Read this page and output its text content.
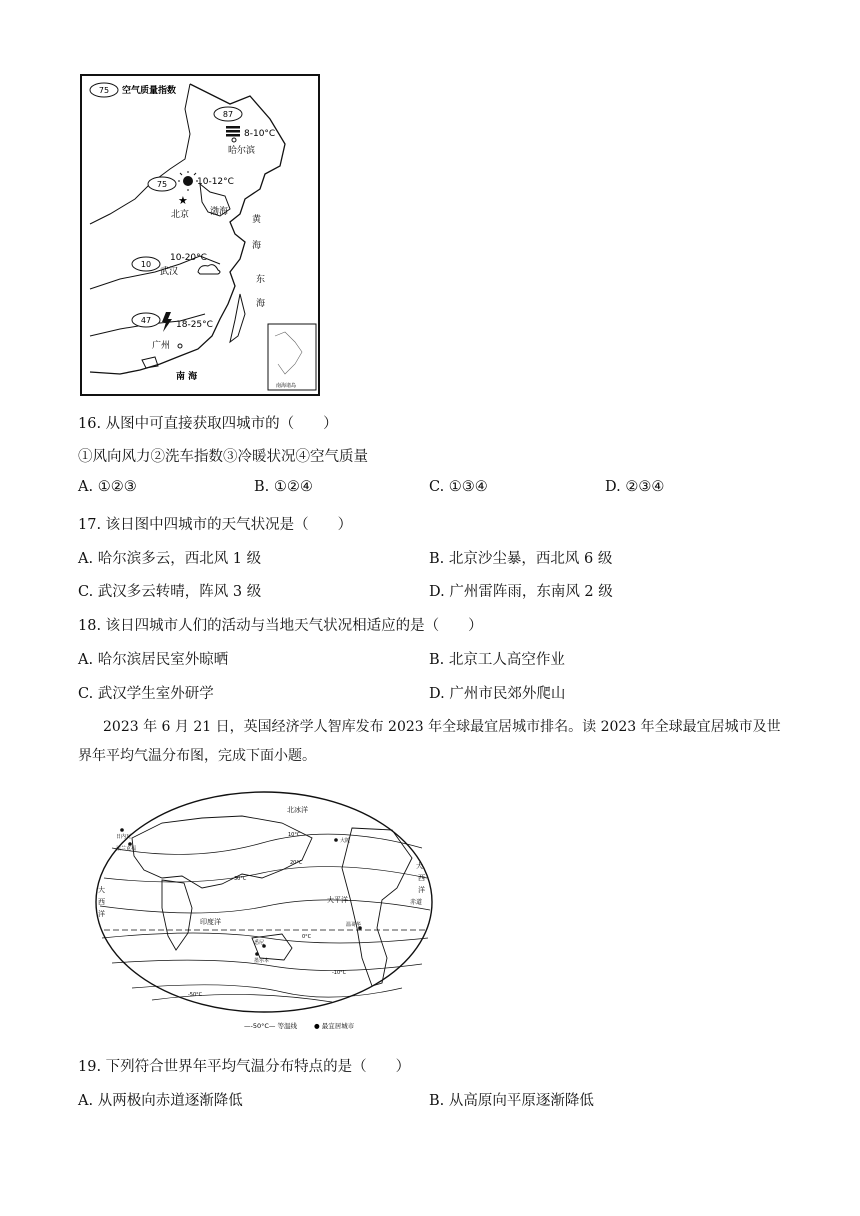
南海诸岛
75 空气质量指数
87
8-10°C
哈尔滨
75	10-12°C
★
北京 渤海
10
10-20°C
武汉
47	18-25°C
广州
黄
海
东
海
南 海
16. 从图中可直接获取四城市的（　　）
①风向风力②洗车指数③冷暖状况④空气质量
A. ①②③	B. ①②④	C. ①③④	D. ②③④
17. 该日图中四城市的天气状况是（　　）
A. 哈尔滨多云，西北风 1 级	B. 北京沙尘暴，西北风 6 级
C. 武汉多云转晴，阵风 3 级	D. 广州雷阵雨，东南风 2 级
18. 该日四城市人们的活动与当地天气状况相适应的是（　　）
A. 哈尔滨居民室外晾晒	B. 北京工人高空作业
C. 武汉学生室外研学	D. 广州市民郊外爬山
2023 年 6 月 21 日，英国经济学人智库发布 2023 年全球最宜居城市排名。读 2023 年全球最宜居城市及世界年平均气温分布图，完成下面小题。
北冰洋
大平洋
印度洋
大
西
洋
大
西
洋
赤道
日内瓦
法兰克福
大阪
悉尼
墨尔本
温哥华
0°C
10°C
20°C
30°C
-10°C
-50°C
—-50°C— 等温线	● 最宜居城市
19. 下列符合世界年平均气温分布特点的是（　　）
A. 从两极向赤道逐渐降低	B. 从高原向平原逐渐降低
